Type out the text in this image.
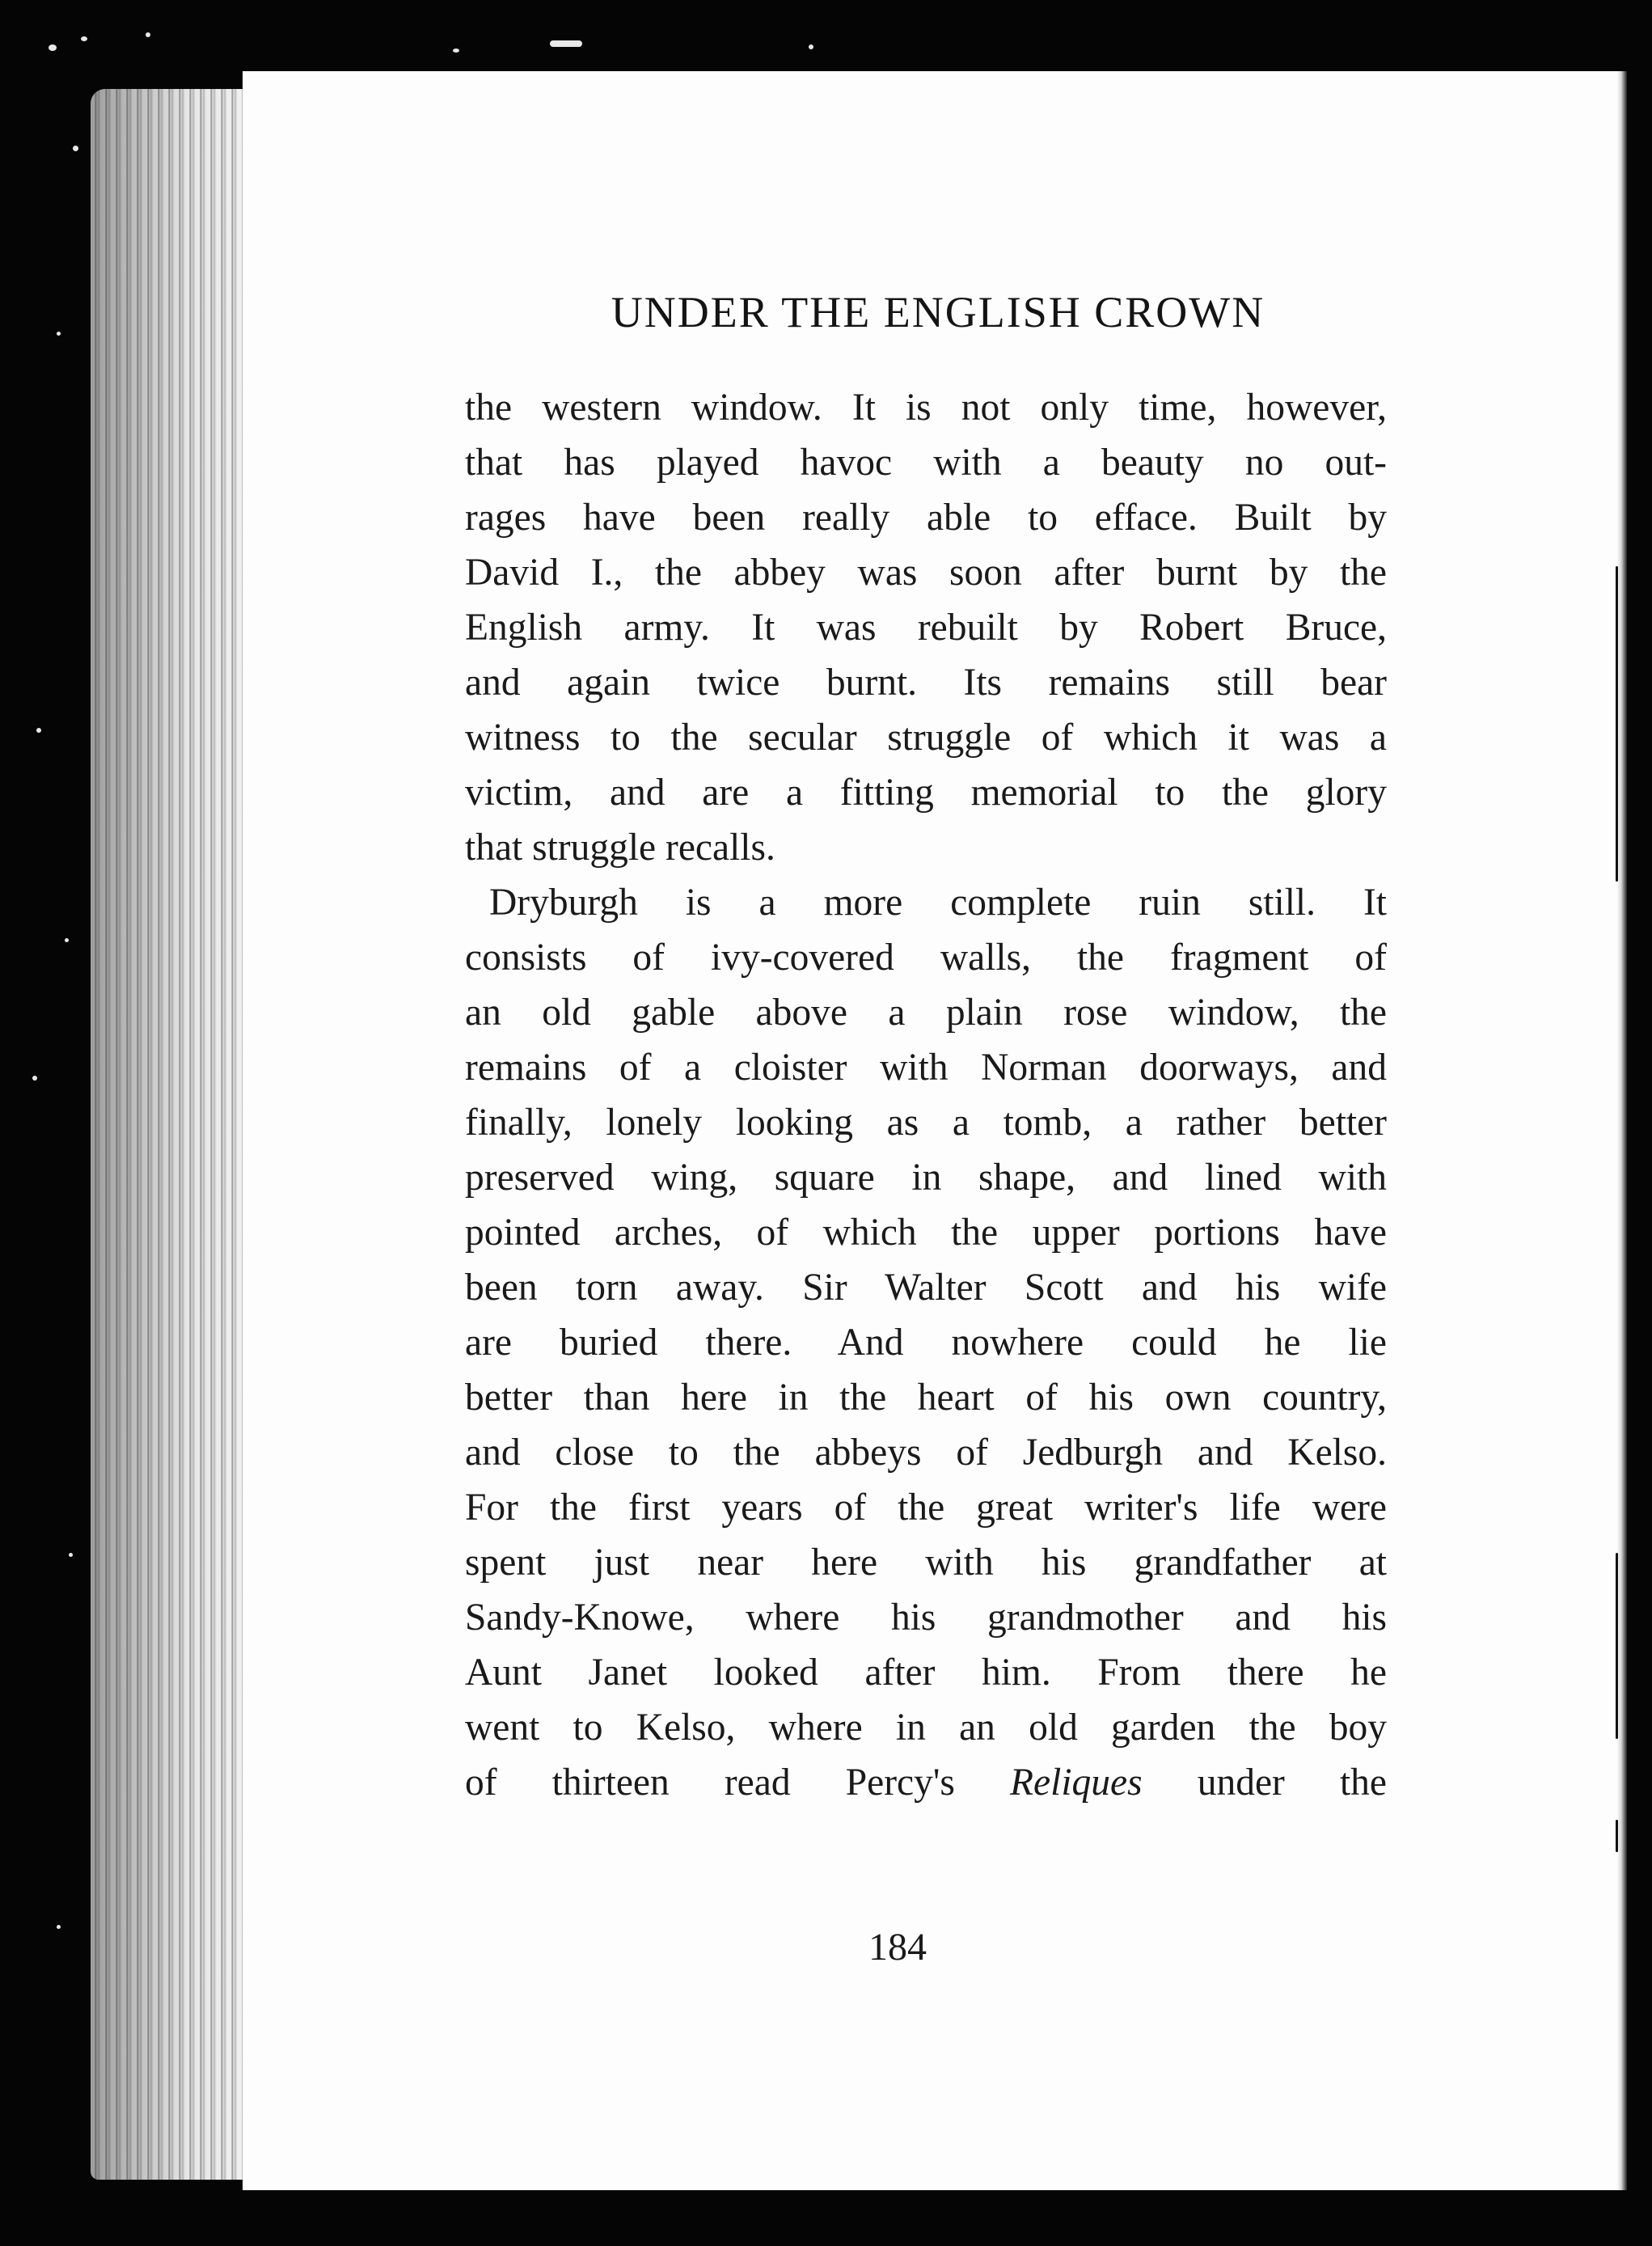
UNDER THE ENGLISH CROWN
the western window. It is not only time, however,
that has played havoc with a beauty no out-
rages have been really able to efface. Built by
David I., the abbey was soon after burnt by the
English army. It was rebuilt by Robert Bruce,
and again twice burnt. Its remains still bear
witness to the secular struggle of which it was a
victim, and are a fitting memorial to the glory
that struggle recalls.
Dryburgh is a more complete ruin still. It
consists of ivy-covered walls, the fragment of
an old gable above a plain rose window, the
remains of a cloister with Norman doorways, and
finally, lonely looking as a tomb, a rather better
preserved wing, square in shape, and lined with
pointed arches, of which the upper portions have
been torn away. Sir Walter Scott and his wife
are buried there. And nowhere could he lie
better than here in the heart of his own country,
and close to the abbeys of Jedburgh and Kelso.
For the first years of the great writer's life were
spent just near here with his grandfather at
Sandy-Knowe, where his grandmother and his
Aunt Janet looked after him. From there he
went to Kelso, where in an old garden the boy
of thirteen read Percy's Reliques under the
184
